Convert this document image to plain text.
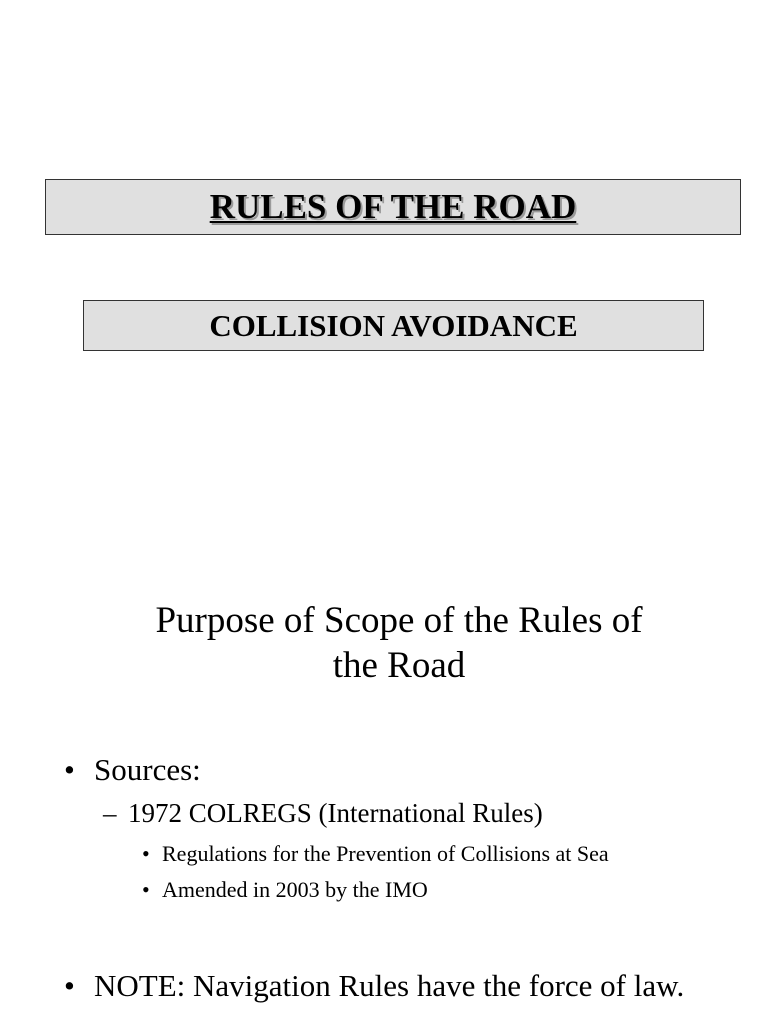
RULES OF THE ROAD
COLLISION AVOIDANCE
Purpose of Scope of the Rules of
the Road
• Sources:
– 1972 COLREGS (International Rules)
• Regulations for the Prevention of Collisions at Sea
• Amended in 2003 by the IMO
• NOTE: Navigation Rules have the force of law.
